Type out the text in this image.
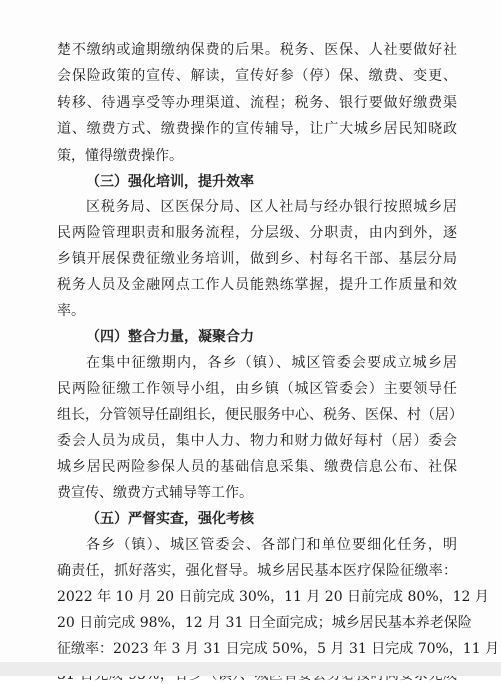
楚不缴纳或逾期缴纳保费的后果。税务、医保、人社要做好社

会保险政策的宣传、解读，宣传好参（停）保、缴费、变更、

转移、待遇享受等办理渠道、流程；税务、银行要做好缴费渠

道、缴费方式、缴费操作的宣传辅导，让广大城乡居民知晓政

策，懂得缴费操作。

（三）强化培训，提升效率

区税务局、区医保分局、区人社局与经办银行按照城乡居

民两险管理职责和服务流程，分层级、分职责，由内到外，逐

乡镇开展保费征缴业务培训，做到乡、村每名干部、基层分局

税务人员及金融网点工作人员能熟练掌握，提升工作质量和效

率。

（四）整合力量，凝聚合力

在集中征缴期内，各乡（镇）、城区管委会要成立城乡居

民两险征缴工作领导小组，由乡镇（城区管委会）主要领导任

组长，分管领导任副组长，便民服务中心、税务、医保、村（居）

委会人员为成员，集中人力、物力和财力做好每村（居）委会

城乡居民两险参保人员的基础信息采集、缴费信息公布、社保

费宣传、缴费方式辅导等工作。

（五）严督实查，强化考核

各乡（镇）、城区管委会、各部门和单位要细化任务，明

确责任，抓好落实，强化督导。城乡居民基本医疗保险征缴率：

2022 年 10 月 20 日前完成 30%，11 月 20 日前完成 80%，12 月

20 日前完成 98%，12 月 31 日全面完成；城乡居民基本养老保险

征缴率：2023 年 3 月 31 日完成 50%，5 月 31 日完成 70%，11 月
